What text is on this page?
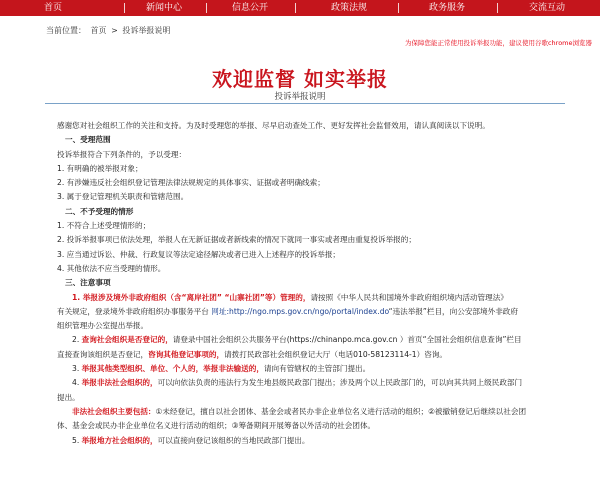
首页	新闻中心	信息公开	政策法规	政务服务	交流互动
当前位置： 首页 > 投诉举报说明
为保障您能正常使用投诉举报功能，建议使用谷歌chrome浏览器
欢迎监督 如实举报
投诉举报说明
感谢您对社会组织工作的关注和支持。为及时受理您的举报、尽早启动查处工作、更好发挥社会监督效用，请认真阅读以下说明。
一、受理范围
投诉举报符合下列条件的，予以受理：
1. 有明确的被举报对象；
2. 有涉嫌违反社会组织登记管理法律法规规定的具体事实、证据或者明确线索；
3. 属于登记管理机关职责和管辖范围。
二、不予受理的情形
1. 不符合上述受理情形的；
2. 投诉举报事项已依法处理，举报人在无新证据或者新线索的情况下就同一事实或者理由重复投诉举报的；
3. 应当通过诉讼、仲裁、行政复议等法定途径解决或者已进入上述程序的投诉举报；
4. 其他依法不应当受理的情形。
三、注意事项
1. 举报涉及境外非政府组织（含“离岸社团” “山寨社团”等）管理的，请按照《中华人民共和国境外非政府组织境内活动管理法》
有关规定，登录境外非政府组织办事服务平台 网址:http://ngo.mps.gov.cn/ngo/portal/index.do“违法举报”栏目，向公安部境外非政府
组织管理办公室提出举报。
2. 查询社会组织是否登记的，请登录中国社会组织公共服务平台(https://chinanpo.mca.gov.cn ）首页“全国社会组织信息查询”栏目
直接查询该组织是否登记，咨询其他登记事项的，请拨打民政部社会组织登记大厅（电话010-58123114-1）咨询。
3. 举报其他类型组织、单位、个人的，举报非法输送的，请向有管辖权的主管部门提出。
4. 举报非法社会组织的，可以向依法负责的违法行为发生地县级民政部门提出；涉及两个以上民政部门的，可以向其共同上级民政部门
提出。
非法社会组织主要包括：①未经登记，擅自以社会团体、基金会或者民办非企业单位名义进行活动的组织；②被撤销登记后继续以社会团
体、基金会或民办非企业单位名义进行活动的组织；③筹备期间开展筹备以外活动的社会团体。
5. 举报地方社会组织的，可以直接向登记该组织的当地民政部门提出。
